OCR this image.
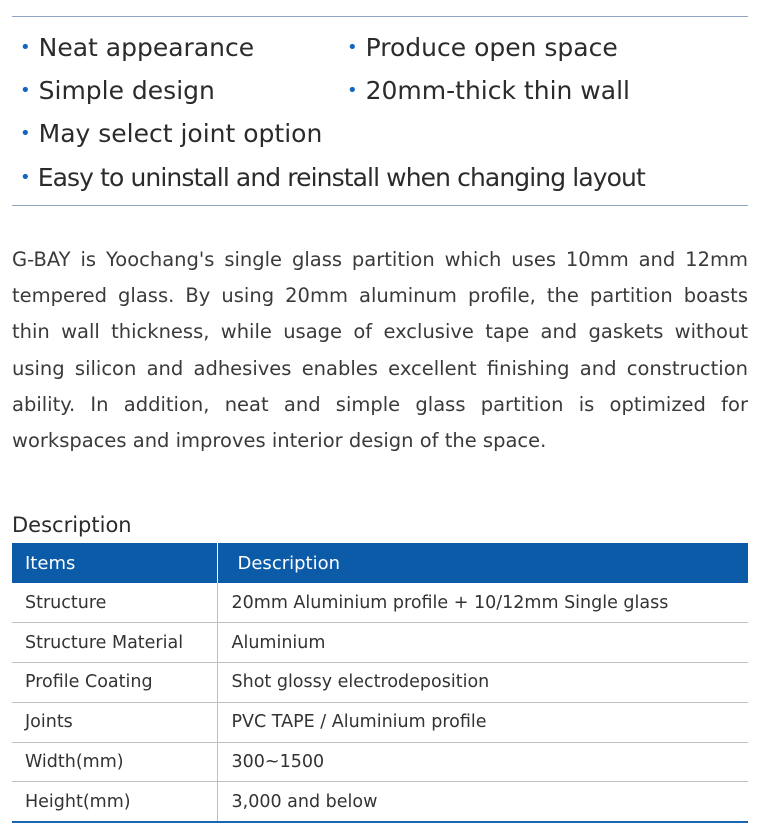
• Neat appearance	• Produce open space
• Simple design	• 20mm-thick thin wall
• May select joint option
• Easy to uninstall and reinstall when changing layout

G-BAY is Yoochang's single glass partition which uses 10mm and 12mm tempered glass. By using 20mm aluminum profile, the partition boasts thin wall thickness, while usage of exclusive tape and gaskets without using silicon and adhesives enables excellent finishing and construction ability. In addition, neat and simple glass partition is optimized for workspaces and improves interior design of the space.

Description
Items	Description
Structure	20mm Aluminium profile + 10/12mm Single glass
Structure Material	Aluminium
Profile Coating	Shot glossy electrodeposition
Joints	PVC TAPE / Aluminium profile
Width(mm)	300~1500
Height(mm)	3,000 and below
